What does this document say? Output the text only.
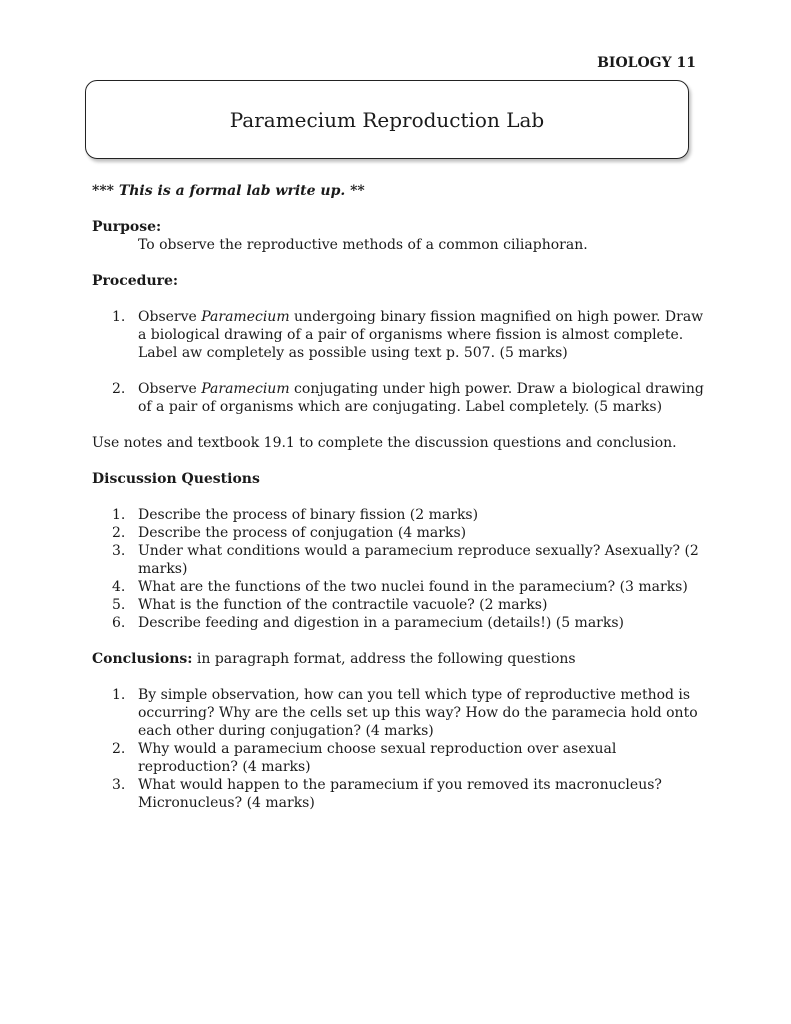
BIOLOGY 11
Paramecium Reproduction Lab

*** This is a formal lab write up. **

Purpose:

To observe the reproductive methods of a common ciliaphoran.

Procedure:

1. Observe Paramecium undergoing binary fission magnified on high power. Draw a biological drawing of a pair of organisms where fission is almost complete. Label aw completely as possible using text p. 507. (5 marks)
2. Observe Paramecium conjugating under high power. Draw a biological drawing of a pair of organisms which are conjugating. Label completely. (5 marks)

Use notes and textbook 19.1 to complete the discussion questions and conclusion.

Discussion Questions

1. Describe the process of binary fission (2 marks)
2. Describe the process of conjugation (4 marks)
3. Under what conditions would a paramecium reproduce sexually? Asexually? (2 marks)
4. What are the functions of the two nuclei found in the paramecium? (3 marks)
5. What is the function of the contractile vacuole? (2 marks)
6. Describe feeding and digestion in a paramecium (details!) (5 marks)

Conclusions: in paragraph format, address the following questions

1. By simple observation, how can you tell which type of reproductive method is occurring? Why are the cells set up this way? How do the paramecia hold onto each other during conjugation? (4 marks)
2. Why would a paramecium choose sexual reproduction over asexual reproduction? (4 marks)
3. What would happen to the paramecium if you removed its macronucleus? Micronucleus? (4 marks)
